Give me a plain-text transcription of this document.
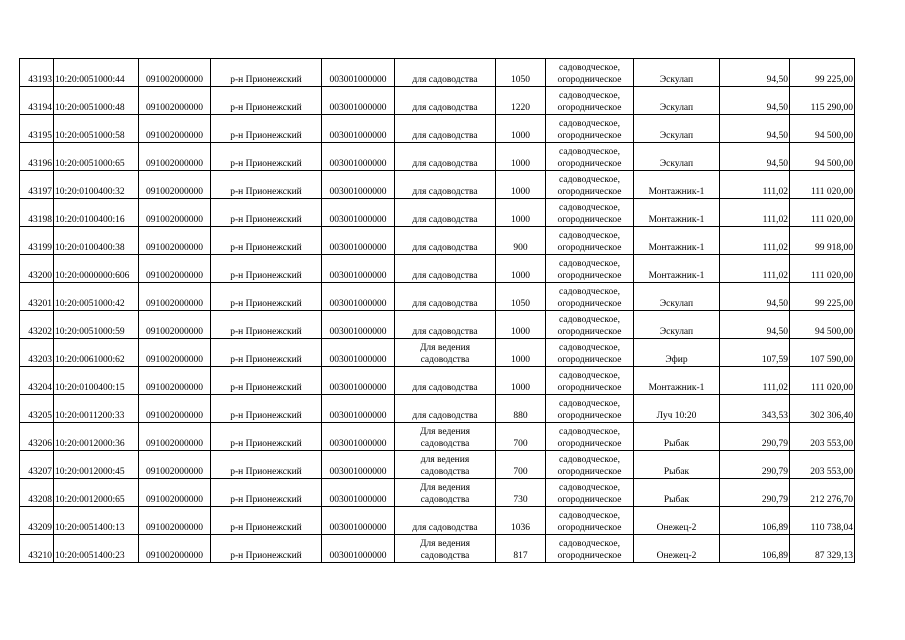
43193	10:20:0051000:44	091002000000	р-н Прионежский	003001000000	для садоводства	1050	садоводческое,
огородническое	Эскулап	94,50	99 225,00
43194	10:20:0051000:48	091002000000	р-н Прионежский	003001000000	для садоводства	1220	садоводческое,
огородническое	Эскулап	94,50	115 290,00
43195	10:20:0051000:58	091002000000	р-н Прионежский	003001000000	для садоводства	1000	садоводческое,
огородническое	Эскулап	94,50	94 500,00
43196	10:20:0051000:65	091002000000	р-н Прионежский	003001000000	для садоводства	1000	садоводческое,
огородническое	Эскулап	94,50	94 500,00
43197	10:20:0100400:32	091002000000	р-н Прионежский	003001000000	для садоводства	1000	садоводческое,
огородническое	Монтажник-1	111,02	111 020,00
43198	10:20:0100400:16	091002000000	р-н Прионежский	003001000000	для садоводства	1000	садоводческое,
огородническое	Монтажник-1	111,02	111 020,00
43199	10:20:0100400:38	091002000000	р-н Прионежский	003001000000	для садоводства	900	садоводческое,
огородническое	Монтажник-1	111,02	99 918,00
43200	10:20:0000000:606	091002000000	р-н Прионежский	003001000000	для садоводства	1000	садоводческое,
огородническое	Монтажник-1	111,02	111 020,00
43201	10:20:0051000:42	091002000000	р-н Прионежский	003001000000	для садоводства	1050	садоводческое,
огородническое	Эскулап	94,50	99 225,00
43202	10:20:0051000:59	091002000000	р-н Прионежский	003001000000	для садоводства	1000	садоводческое,
огородническое	Эскулап	94,50	94 500,00
43203	10:20:0061000:62	091002000000	р-н Прионежский	003001000000	Для ведения
садоводства	1000	садоводческое,
огородническое	Эфир	107,59	107 590,00
43204	10:20:0100400:15	091002000000	р-н Прионежский	003001000000	для садоводства	1000	садоводческое,
огородническое	Монтажник-1	111,02	111 020,00
43205	10:20:0011200:33	091002000000	р-н Прионежский	003001000000	для садоводства	880	садоводческое,
огородническое	Луч 10:20	343,53	302 306,40
43206	10:20:0012000:36	091002000000	р-н Прионежский	003001000000	Для ведения
садоводства	700	садоводческое,
огородническое	Рыбак	290,79	203 553,00
43207	10:20:0012000:45	091002000000	р-н Прионежский	003001000000	для ведения
садоводства	700	садоводческое,
огородническое	Рыбак	290,79	203 553,00
43208	10:20:0012000:65	091002000000	р-н Прионежский	003001000000	Для ведения
садоводства	730	садоводческое,
огородническое	Рыбак	290,79	212 276,70
43209	10:20:0051400:13	091002000000	р-н Прионежский	003001000000	для садоводства	1036	садоводческое,
огородническое	Онежец-2	106,89	110 738,04
43210	10:20:0051400:23	091002000000	р-н Прионежский	003001000000	Для ведения
садоводства	817	садоводческое,
огородническое	Онежец-2	106,89	87 329,13
